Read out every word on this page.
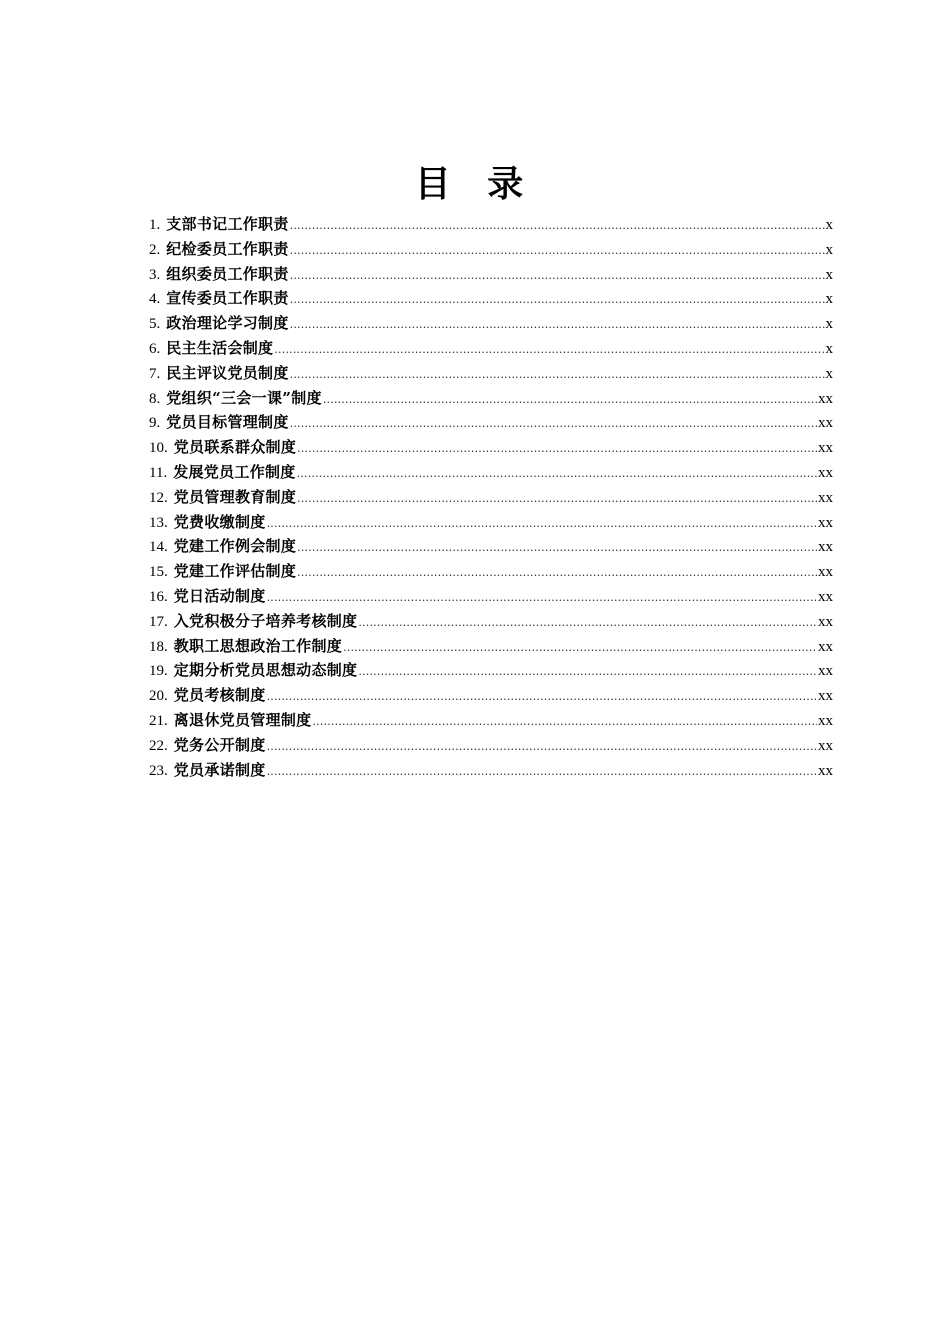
目 录
1. 支部书记工作职责 .....	x
2. 纪检委员工作职责 .....	x
3. 组织委员工作职责 .....	x
4. 宣传委员工作职责 .....	x
5. 政治理论学习制度 .....	x
6. 民主生活会制度 .....	x
7. 民主评议党员制度 .....	x
8. 党组织“三会一课”制度 .....	xx
9. 党员目标管理制度 .....	xx
10. 党员联系群众制度 .....	xx
11. 发展党员工作制度 .....	xx
12. 党员管理教育制度 .....	xx
13. 党费收缴制度 .....	xx
14. 党建工作例会制度 .....	xx
15. 党建工作评估制度 .....	xx
16. 党日活动制度 .....	xx
17. 入党积极分子培养考核制度 .....	xx
18. 教职工思想政治工作制度 .....	xx
19. 定期分析党员思想动态制度 .....	xx
20. 党员考核制度 .....	xx
21. 离退休党员管理制度 .....	xx
22. 党务公开制度 .....	xx
23. 党员承诺制度 .....	xx
